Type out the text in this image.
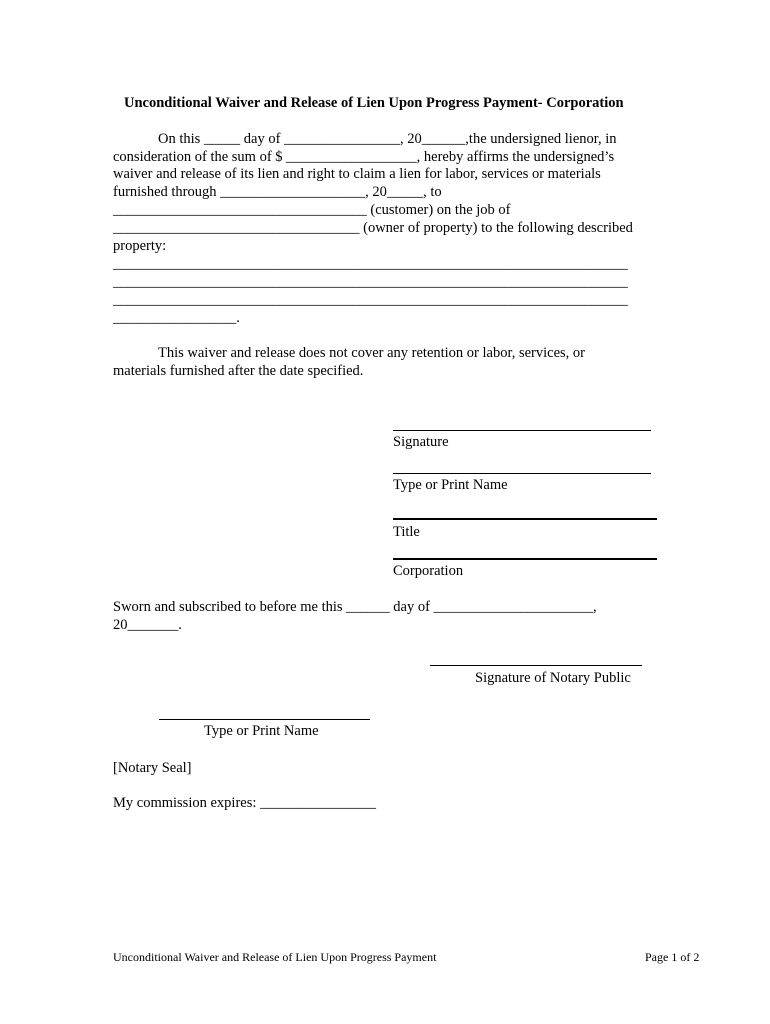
Unconditional Waiver and Release of Lien Upon Progress Payment- Corporation
On this _____ day of ________________, 20______,the undersigned lienor, in
consideration of the sum of $ __________________, hereby affirms the undersigned’s
waiver and release of its lien and right to claim a lien for labor, services or materials
furnished through ____________________, 20_____, to
___________________________________ (customer) on the job of
__________________________________ (owner of property) to the following described
property:
_______________________________________________________________________
_______________________________________________________________________
_______________________________________________________________________
_________________.
This waiver and release does not cover any retention or labor, services, or
materials furnished after the date specified.
Signature
Type or Print Name
Title
Corporation
Sworn and subscribed to before me this ______ day of ______________________,
20_______.
Signature of Notary Public
Type or Print Name
[Notary Seal]
My commission expires: ________________
Unconditional Waiver and Release of Lien Upon Progress Payment	Page 1 of 2
